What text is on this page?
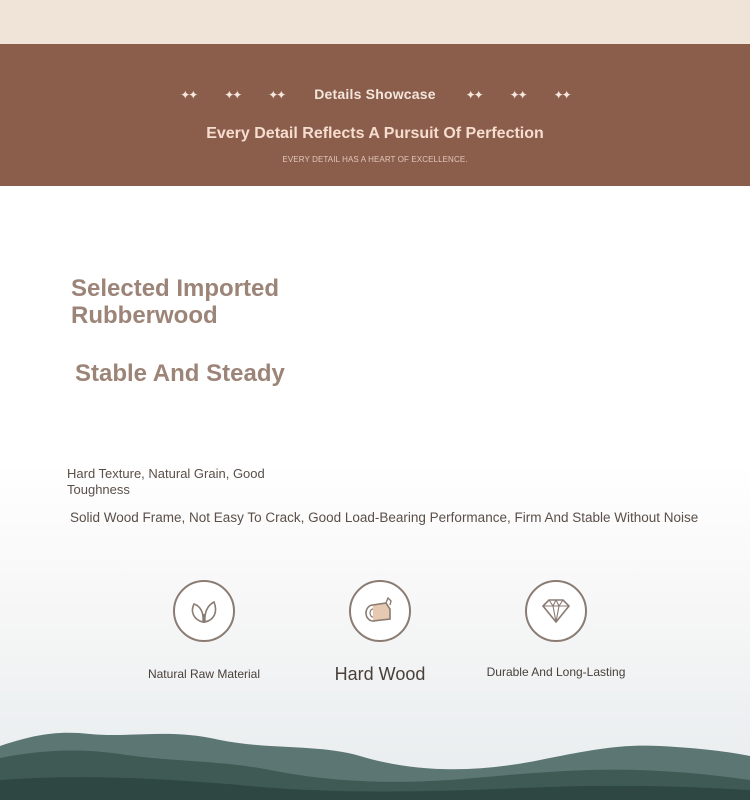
✦✦ ✦✦ ✦✦ Details Showcase ✦✦ ✦✦ ✦✦
Every Detail Reflects A Pursuit Of Perfection
EVERY DETAIL HAS A HEART OF EXCELLENCE.
Selected Imported Rubberwood
Stable And Steady
Hard Texture, Natural Grain, Good Toughness
Solid Wood Frame, Not Easy To Crack, Good Load-Bearing Performance, Firm And Stable Without Noise
Natural Raw Material	Hard Wood	Durable And Long-Lasting
